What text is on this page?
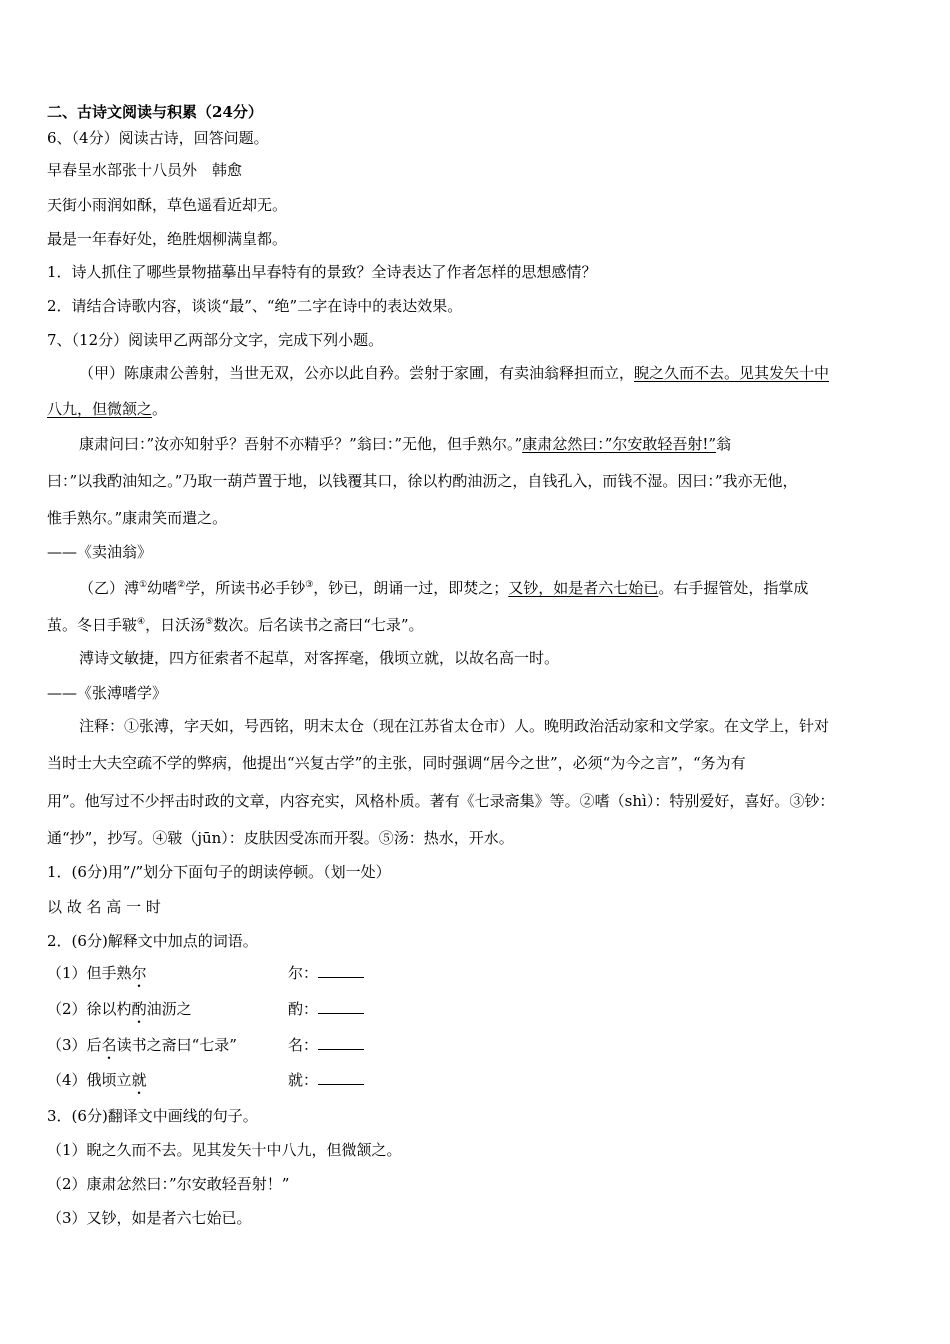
二、古诗文阅读与积累（24分）
6、（4分）阅读古诗，回答问题。
早春呈水部张十八员外　韩愈
天街小雨润如酥，草色遥看近却无。
最是一年春好处，绝胜烟柳满皇都。
1．诗人抓住了哪些景物描摹出早春特有的景致？全诗表达了作者怎样的思想感情？
2．请结合诗歌内容，谈谈“最”、“绝”二字在诗中的表达效果。
7、（12分）阅读甲乙两部分文字，完成下列小题。
（甲）陈康肃公善射，当世无双，公亦以此自矜。尝射于家圃，有卖油翁释担而立，睨之久而不去。见其发矢十中
八九，但微颔之。
康肃问曰：”汝亦知射乎？吾射不亦精乎？”翁曰：”无他，但手熟尔。”康肃忿然曰：”尔安敢轻吾射!”翁
曰：”以我酌油知之。”乃取一葫芦置于地，以钱覆其口，徐以杓酌油沥之，自钱孔入，而钱不湿。因曰：”我亦无他，
惟手熟尔。”康肃笑而遣之。
——《卖油翁》
（乙）溥①幼嗜②学，所读书必手钞③，钞已，朗诵一过，即焚之；又钞，如是者六七始已。右手握管处，指掌成
茧。冬日手皲④，日沃汤⑤数次。后名读书之斋曰“七录”。
溥诗文敏捷，四方征索者不起草，对客挥毫，俄顷立就，以故名高一时。
——《张溥嗜学》
注释：①张溥，字天如，号西铭，明末太仓（现在江苏省太仓市）人。晚明政治活动家和文学家。在文学上，针对
当时士大夫空疏不学的弊病，他提出“兴复古学”的主张，同时强调“居今之世”，必须“为今之言”，“务为有
用”。他写过不少抨击时政的文章，内容充实，风格朴质。著有《七录斋集》等。②嗜（shì）：特别爱好，喜好。③钞：
通“抄”，抄写。④皲（jūn）：皮肤因受冻而开裂。⑤汤：热水，开水。
1．(6分)用”/”划分下面句子的朗读停顿。（划一处）
以 故 名 高 一 时
2．(6分)解释文中加点的词语。
（1）但手熟尔	尔：
（2）徐以杓酌油沥之	酌：
（3）后名读书之斋曰“七录”	名：
（4）俄顷立就	就：
3．(6分)翻译文中画线的句子。
（1）睨之久而不去。见其发矢十中八九，但微颔之。
（2）康肃忿然曰：”尔安敢轻吾射！”
（3）又钞，如是者六七始已。
